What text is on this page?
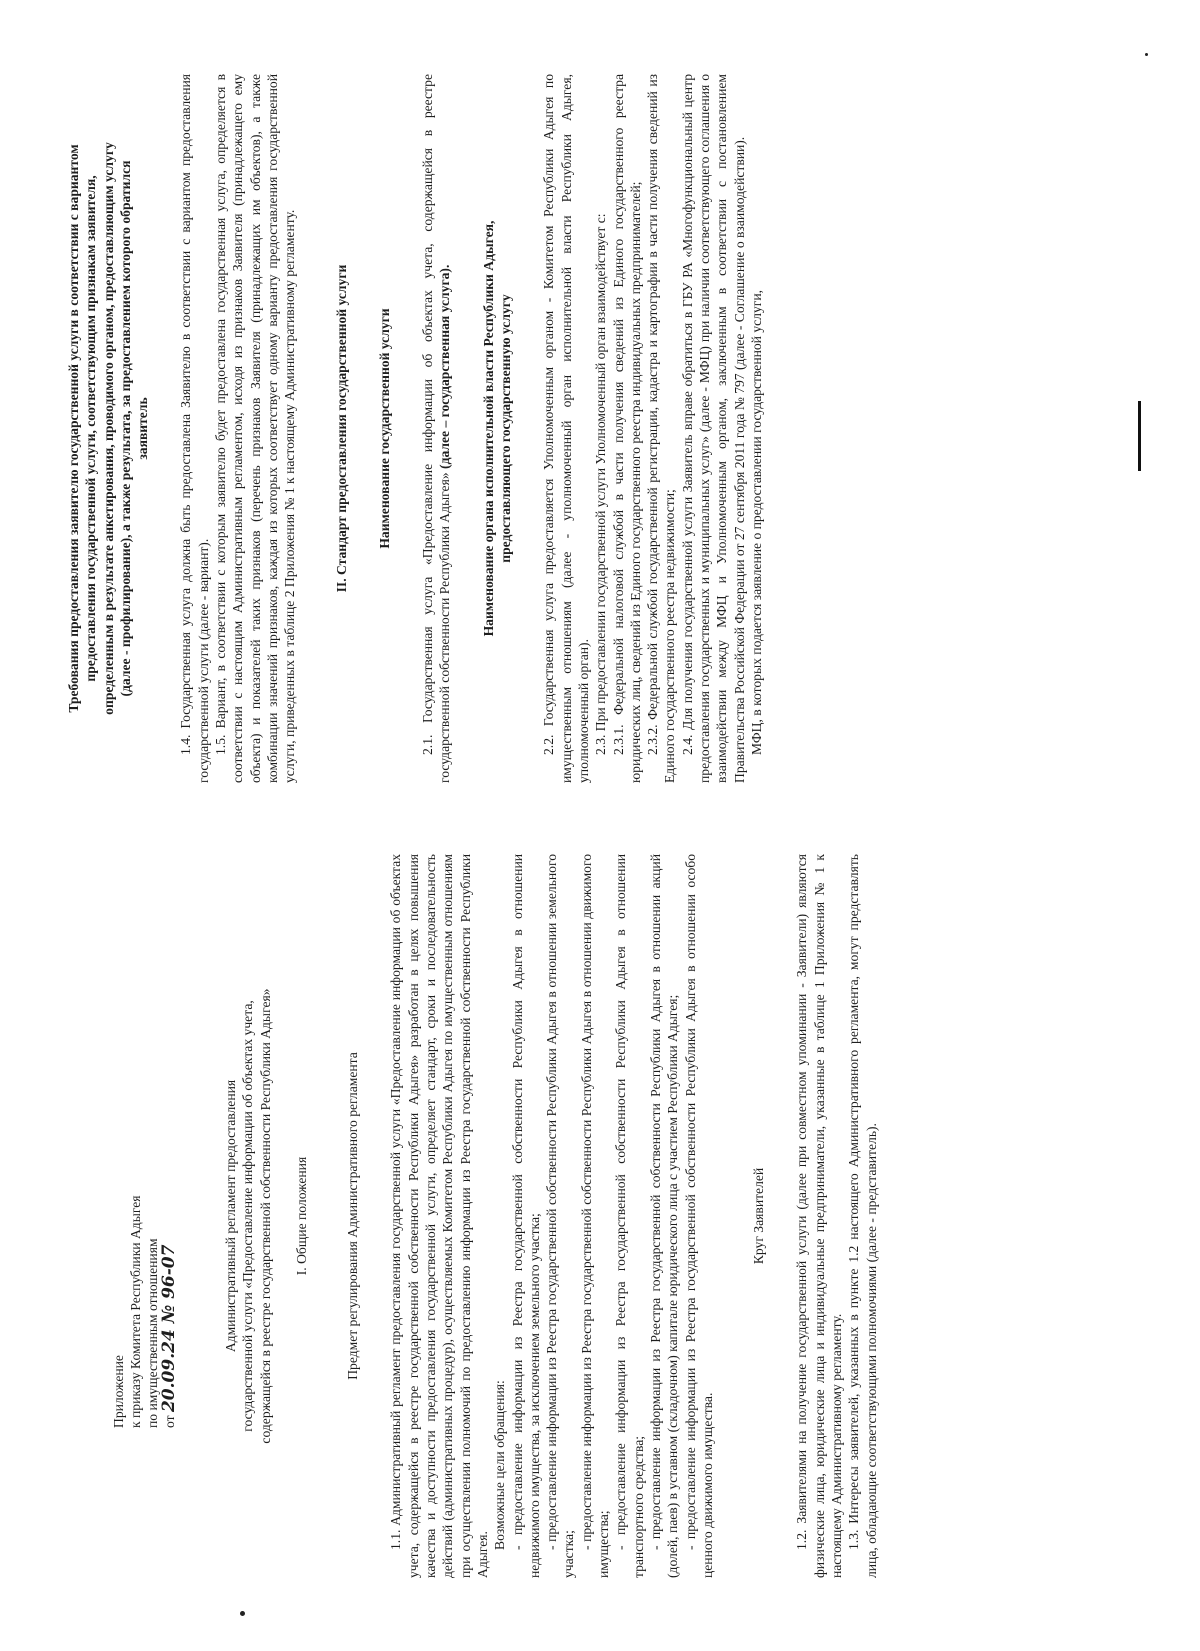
Приложение к приказу Комитета Республики Адыгея по имущественным отношениям от 20.09.24 № 96-07	Административный регламент предоставления государственной услуги «Предоставление информации об объектах учета, содержащейся в реестре государственной собственности Республики Адыгея» I. Общие положения	Предмет регулирования Административного регламента 1.1. Административный регламент предоставления государственной услуги «Предоставление информации об объектах учета, содержащейся в реестре государственной собственности Республики Адыгея» разработан в целях повышения качества и доступности предоставления государственной услуги, определяет стандарт, сроки и последовательность действий (административных процедур), осуществляемых Комитетом Республики Адыгея по имущественным отношениям при осуществлении полномочий по предоставлению информации из Реестра государственной собственности Республики Адыгея.

Возможные цели обращения: - предоставление информации из Реестра государственной собственности Республики Адыгея в отношении недвижимого имущества, за исключением земельного участка; - предоставление информации из Реестра государственной собственности Республики Адыгея в отношении земельного участка;

- предоставление информации из Реестра государственной собственности Республики Адыгея в отношении движимого имущества; - предоставление информации из Реестра государственной собственности Республики Адыгея в отношении транспортного средства; - предоставление информации из Реестра государственной собственности Республики Адыгея в отношении акций (долей, паев) в уставном (складочном) капитале юридического лица с участием Республики Адыгея; - предоставление информации из Реестра государственной собственности Республики Адыгея в отношении особо ценного движимого имущества.

Круг Заявителей 1.2. Заявителями на получение государственной услуги (далее при совместном упоминании - Заявители) являются физические лица, юридические лица и индивидуальные предприниматели, указанные в таблице 1 Приложения № 1 к настоящему Административному регламенту. 1.3. Интересы заявителей, указанных в пункте 1.2 настоящего Административного регламента, могут представлять лица, обладающие соответствующими полномочиями (далее - представитель).

Требования предоставления заявителю государственной услуги в соответствии с вариантом предоставления государственной услуги, соответствующим признакам заявителя, определенным в результате анкетирования, проводимого органом, предоставляющим услугу (далее - профилирование), а также результата, за предоставлением которого обратился заявитель 1.4. Государственная услуга должна быть предоставлена Заявителю в соответствии с вариантом предоставления государственной услуги (далее - вариант). 1.5. Вариант, в соответствии с которым заявителю будет предоставлена государственная услуга, определяется в соответствии с настоящим Административным регламентом, исходя из признаков Заявителя (принадлежащего ему объекта) и показателей таких признаков (перечень признаков Заявителя (принадлежащих им объектов), а также комбинации значений признаков, каждая из которых соответствует одному варианту предоставления государственной услуги, приведенных в таблице 2 Приложения № 1 к настоящему Административному регламенту.	II. Стандарт предоставления государственной услуги Наименование государственной услуги 2.1. Государственная услуга «Предоставление информации об объектах учета, содержащейся в реестре государственной собственности Республики Адыгея» (далее – государственная услуга). Наименование органа исполнительной власти Республики Адыгея, предоставляющего государственную услугу 2.2. Государственная услуга предоставляется Уполномоченным органом - Комитетом Республики Адыгея по имущественным отношениям (далее - уполномоченный орган исполнительной власти Республики Адыгея, уполномоченный орган). 2.3. При предоставлении государственной услуги Уполномоченный орган взаимодействует с: 2.3.1. Федеральной налоговой службой в части получения сведений из Единого государственного реестра юридических лиц, сведений из Единого государственного реестра индивидуальных предпринимателей; 2.3.2. Федеральной службой государственной регистрации, кадастра и картографии в части получения сведений из Единого государственного реестра недвижимости; 2.4. Для получения государственной услуги Заявитель вправе обратиться в ГБУ РА «Многофункциональный центр предоставления государственных и муниципальных услуг» (далее - МФЦ) при наличии соответствующего соглашения о взаимодействии между МФЦ и Уполномоченным органом, заключенным в соответствии с постановлением Правительства Российской Федерации от 27 сентября 2011 года № 797 (далее - Соглашение о взаимодействии). МФЦ, в которых подается заявление о предоставлении государственной услуги,
